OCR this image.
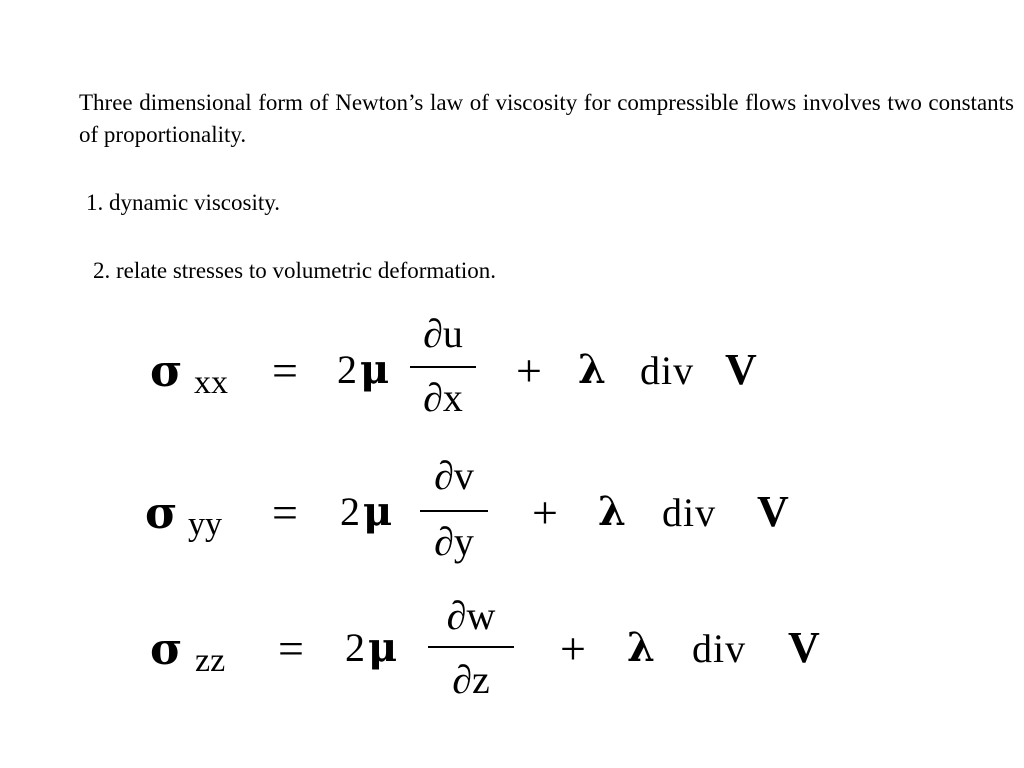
Three dimensional form of Newton’s law of viscosity for compressible flows involves two constants of proportionality.
1. dynamic viscosity.
2. relate stresses to volumetric deformation.
σ xx = 2 μ
∂u
∂x
+ λ div V
σ yy = 2 μ
∂v
∂y
+ λ div V
σ zz = 2 μ
∂w
∂z
+ λ div V
